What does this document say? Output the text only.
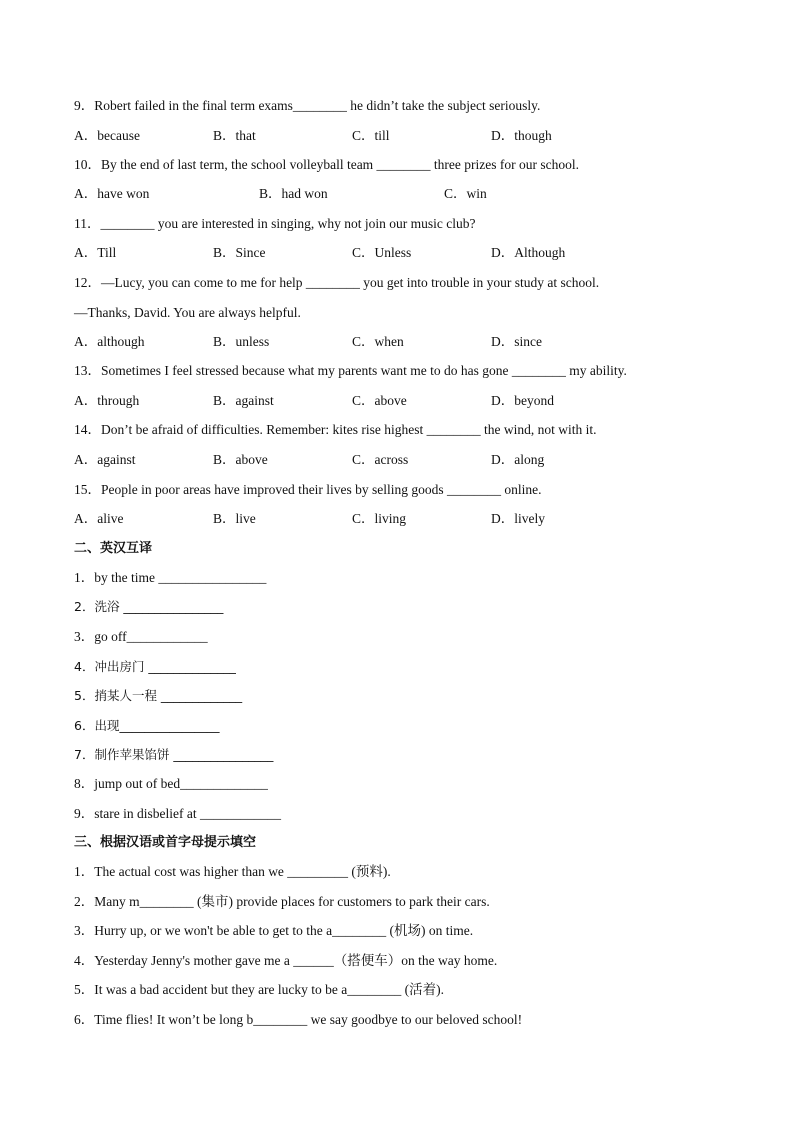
9．Robert failed in the final term exams________ he didn’t take the subject seriously.
A．because	B．that	C．till	D．though
10．By the end of last term, the school volleyball team ________ three prizes for our school.
A．have won	B．had won	C．win
11．________ you are interested in singing, why not join our music club?
A．Till	B．Since	C．Unless	D．Although
12．—Lucy, you can come to me for help ________ you get into trouble in your study at school.
—Thanks, David. You are always helpful.
A．although	B．unless	C．when	D．since
13．Sometimes I feel stressed because what my parents want me to do has gone ________ my ability.
A．through	B．against	C．above	D．beyond
14．Don’t be afraid of difficulties. Remember: kites rise highest ________ the wind, not with it.
A．against	B．above	C．across	D．along
15．People in poor areas have improved their lives by selling goods ________ online.
A．alive	B．live	C．living	D．lively
二、英汉互译
1．by the time ________________
2．洗浴 ________________
3．go off____________
4．冲出房门 ______________
5．捎某人一程 _____________
6．出现________________
7．制作苹果馅饼 ________________
8．jump out of bed_____________
9．stare in disbelief at ____________
三、根据汉语或首字母提示填空
1．The actual cost was higher than we _________ (预料).
2．Many m________ (集市) provide places for customers to park their cars.
3．Hurry up, or we won't be able to get to the a________ (机场) on time.
4．Yesterday Jenny's mother gave me a ______（搭便车）on the way home.
5．It was a bad accident but they are lucky to be a________ (活着).
6．Time flies! It won’t be long b________ we say goodbye to our beloved school!
